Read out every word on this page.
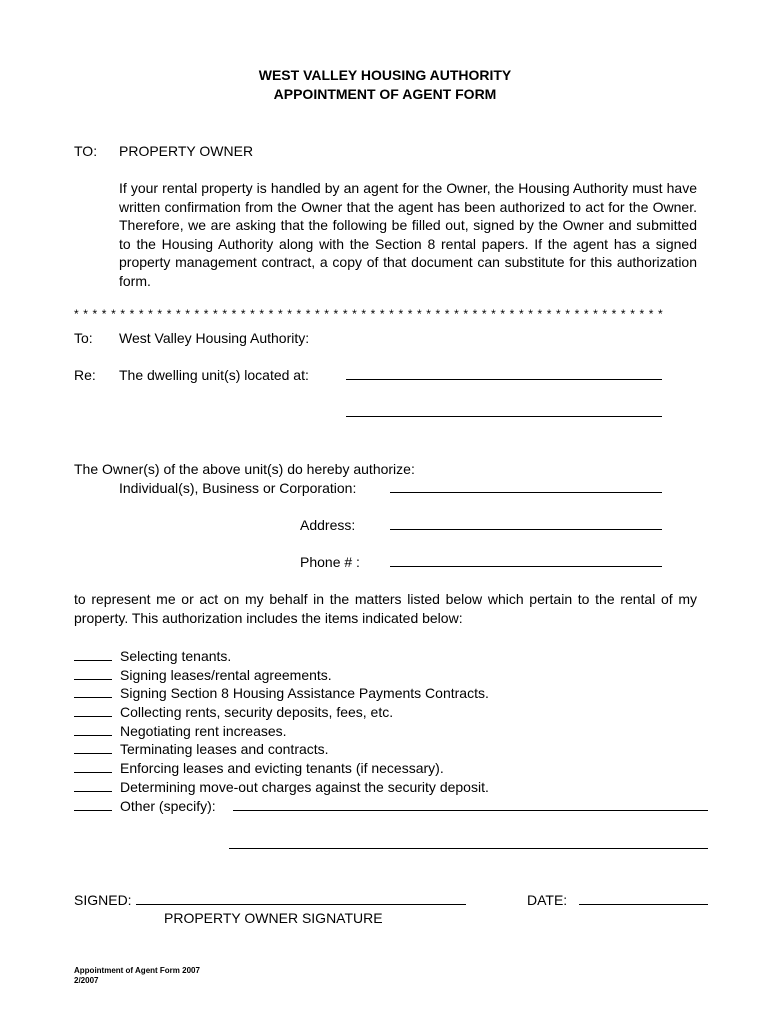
WEST VALLEY HOUSING AUTHORITY
APPOINTMENT OF AGENT FORM
TO: PROPERTY OWNER
If your rental property is handled by an agent for the Owner, the Housing Authority must have written confirmation from the Owner that the agent has been authorized to act for the Owner. Therefore, we are asking that the following be filled out, signed by the Owner and submitted to the Housing Authority along with the Section 8 rental papers. If the agent has a signed property management contract, a copy of that document can substitute for this authorization form.
****************************************************************
To: West Valley Housing Authority:
Re: The dwelling unit(s) located at:
The Owner(s) of the above unit(s) do hereby authorize:
Individual(s), Business or Corporation:
Address:
Phone # :
to represent me or act on my behalf in the matters listed below which pertain to the rental of my property. This authorization includes the items indicated below:
Selecting tenants.
Signing leases/rental agreements.
Signing Section 8 Housing Assistance Payments Contracts.
Collecting rents, security deposits, fees, etc.
Negotiating rent increases.
Terminating leases and contracts.
Enforcing leases and evicting tenants (if necessary).
Determining move-out charges against the security deposit.
Other (specify):
SIGNED:
PROPERTY OWNER SIGNATURE
DATE:
Appointment of Agent Form 2007
2/2007
